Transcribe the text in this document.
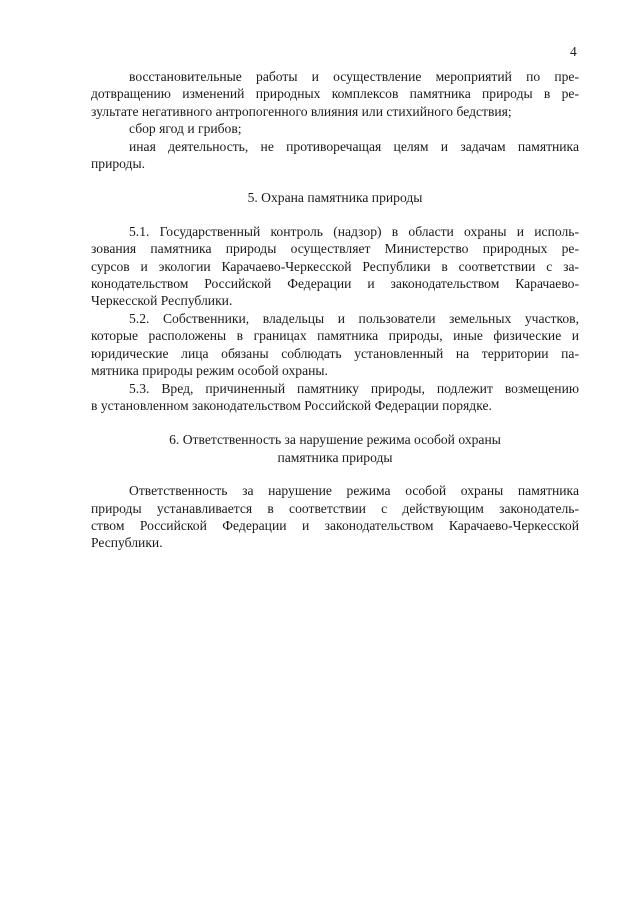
4
восстановительные работы и осуществление мероприятий по пре-
дотвращению изменений природных комплексов памятника природы в ре-
зультате негативного антропогенного влияния или стихийного бедствия;
сбор ягод и грибов;
иная деятельность, не противоречащая целям и задачам памятника
природы.
5. Охрана памятника природы
5.1. Государственный контроль (надзор) в области охраны и исполь-
зования памятника природы осуществляет Министерство природных ре-
сурсов и экологии Карачаево-Черкесской Республики в соответствии с за-
конодательством Российской Федерации и законодательством Карачаево-
Черкесской Республики.
5.2. Собственники, владельцы и пользователи земельных участков,
которые расположены в границах памятника природы, иные физические и
юридические лица обязаны соблюдать установленный на территории па-
мятника природы режим особой охраны.
5.3. Вред, причиненный памятнику природы, подлежит возмещению
в установленном законодательством Российской Федерации порядке.
6. Ответственность за нарушение режима особой охраны
памятника природы
Ответственность за нарушение режима особой охраны памятника
природы устанавливается в соответствии с действующим законодатель-
ством Российской Федерации и законодательством Карачаево-Черкесской
Республики.
